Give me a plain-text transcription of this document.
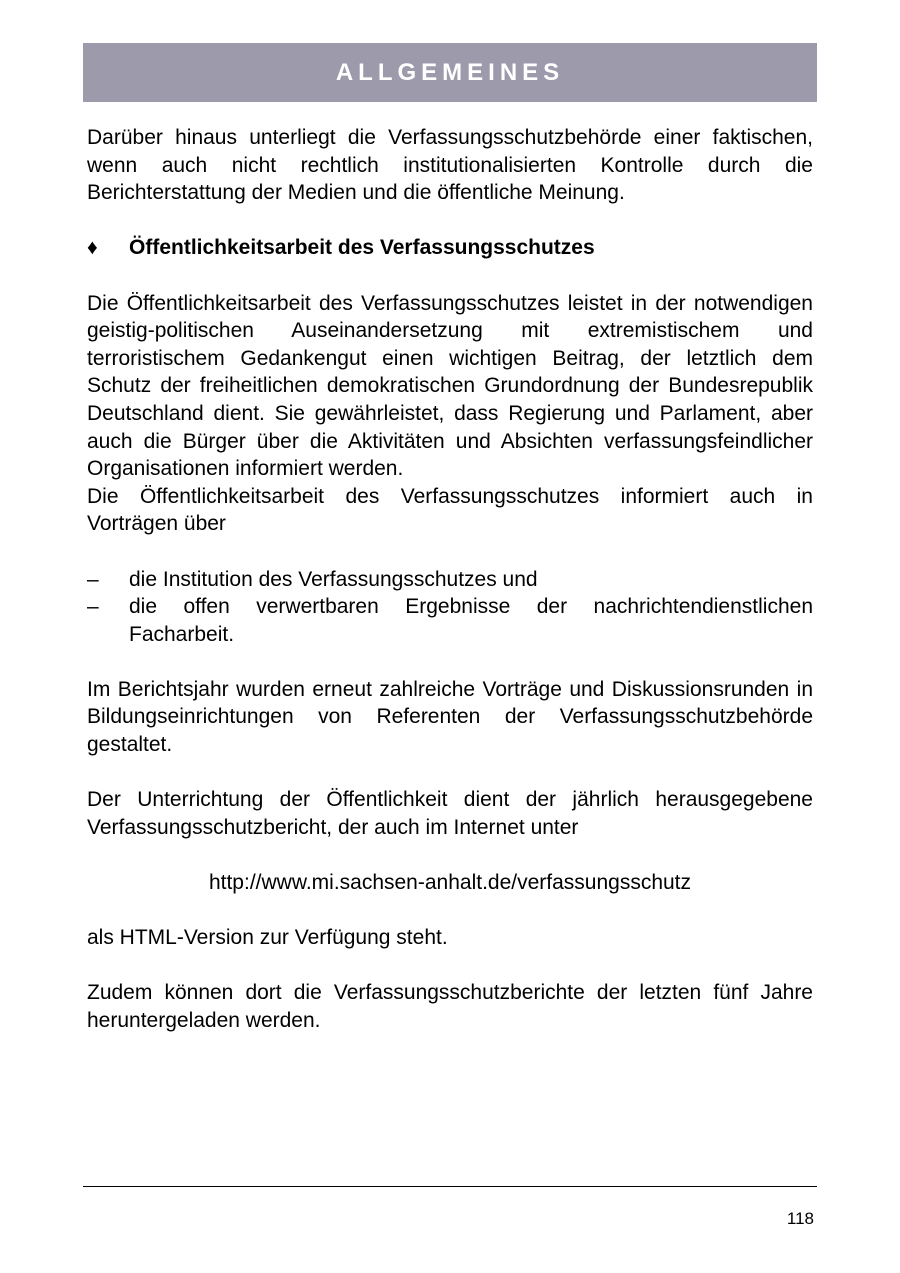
ALLGEMEINES

Darüber hinaus unterliegt die Verfassungsschutzbehörde einer faktischen, wenn auch nicht rechtlich institutionalisierten Kontrolle durch die Berichterstattung der Medien und die öffentliche Meinung.

♦	Öffentlichkeitsarbeit des Verfassungsschutzes

Die Öffentlichkeitsarbeit des Verfassungsschutzes leistet in der notwendigen geistig-politischen Auseinandersetzung mit extremistischem und terroristischem Gedankengut einen wichtigen Beitrag, der letztlich dem Schutz der freiheitlichen demokratischen Grundordnung der Bundesrepublik Deutschland dient. Sie gewährleistet, dass Regierung und Parlament, aber auch die Bürger über die Aktivitäten und Absichten verfassungsfeindlicher Organisationen informiert werden.

Die Öffentlichkeitsarbeit des Verfassungsschutzes informiert auch in Vorträgen über

–	die Institution des Verfassungsschutzes und
–	die offen verwertbaren Ergebnisse der nachrichtendienstlichen Facharbeit.

Im Berichtsjahr wurden erneut zahlreiche Vorträge und Diskussionsrunden in Bildungseinrichtungen von Referenten der Verfassungsschutzbehörde gestaltet.

Der Unterrichtung der Öffentlichkeit dient der jährlich herausgegebene Verfassungsschutzbericht, der auch im Internet unter

http://www.mi.sachsen-anhalt.de/verfassungsschutz

als HTML-Version zur Verfügung steht.

Zudem können dort die Verfassungsschutzberichte der letzten fünf Jahre heruntergeladen werden.

118
